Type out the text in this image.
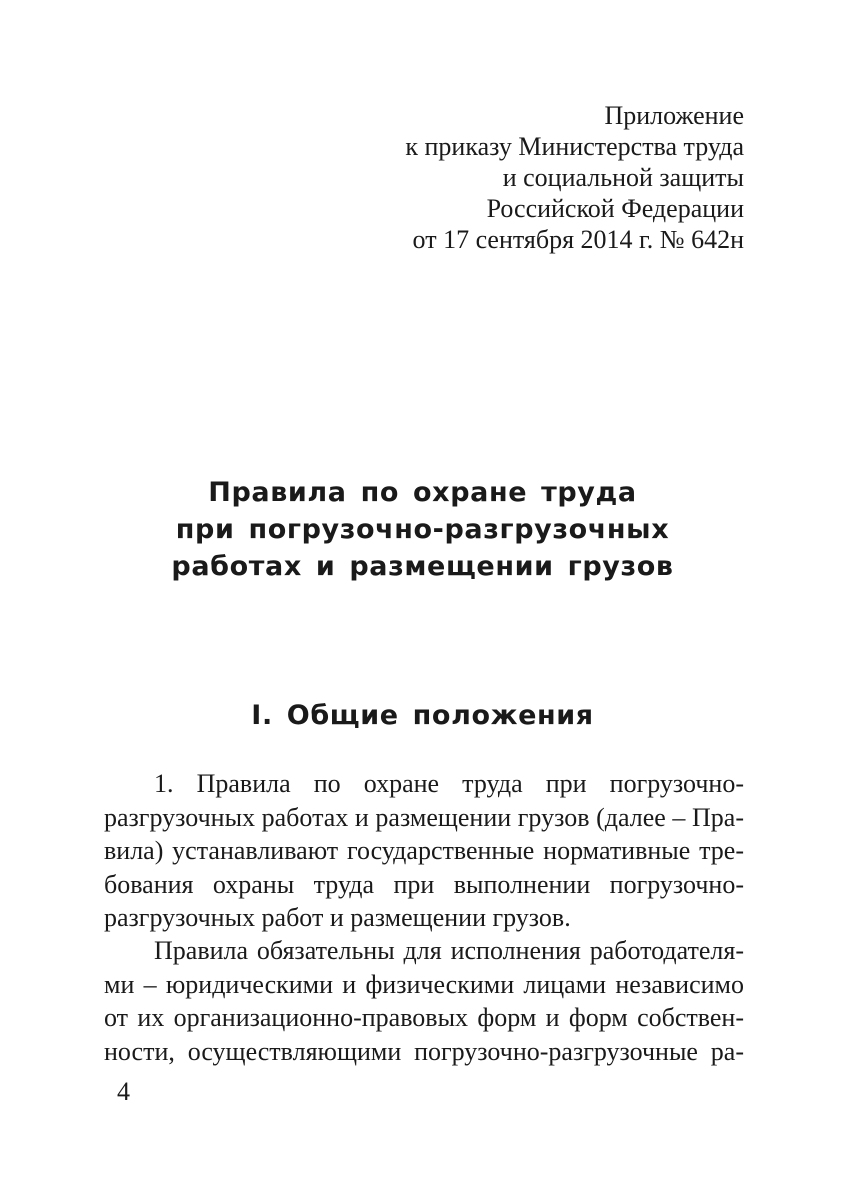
Приложение
к приказу Министерства труда
и социальной защиты
Российской Федерации
от 17 сентября 2014 г. № 642н
Правила по охране труда
при погрузочно-разгрузочных
работах и размещении грузов
I. Общие положения
1. Правила по охране труда при погрузочно-
разгрузочных работах и размещении грузов (далее – Пра-
вила) устанавливают государственные нормативные тре-
бования охраны труда при выполнении погрузочно-
разгрузочных работ и размещении грузов.
Правила обязательны для исполнения работодателя-
ми – юридическими и физическими лицами независимо
от их организационно-правовых форм и форм собствен-
ности, осуществляющими погрузочно-разгрузочные ра-
4
